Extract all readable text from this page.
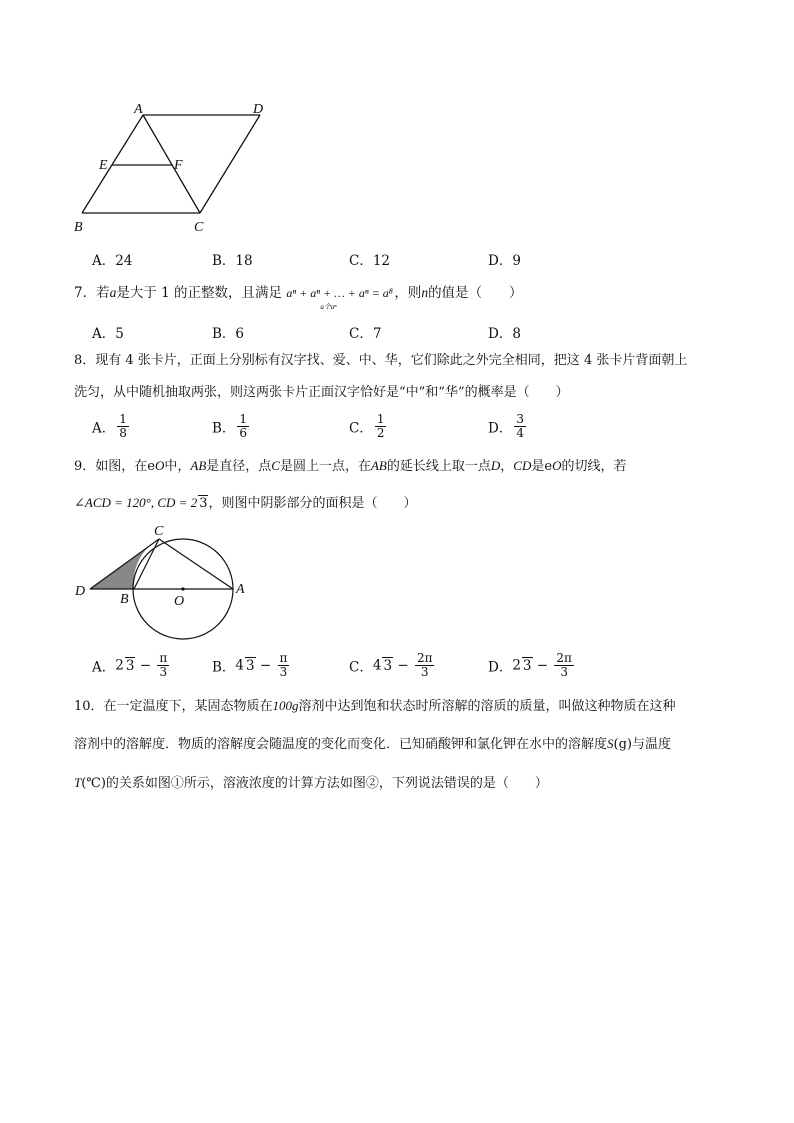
A	D
E	F
B	C
A．24	B．18	C．12	D．9
7．若a是大于 1 的正整数，且满足 aⁿ + aⁿ + … + aⁿ = a⁸
a个aⁿ
，则n的值是（　　）
A．5	B．6	C．7	D．8
8．现有 4 张卡片，正面上分别标有汉字找、爱、中、华，它们除此之外完全相同，把这 4 张卡片背面朝上
洗匀，从中随机抽取两张，则这两张卡片正面汉字恰好是“中”和“华”的概率是（　　）
A． $\frac{1}{8}$	B． $\frac{1}{6}$	C． $\frac{1}{2}$	D． $\frac{3}{4}$
9．如图，在eO中，AB是直径，点C是圆上一点，在AB的延长线上取一点D，CD是eO的切线，若
∠ACD = 120°, CD = 2 3，则图中阴影部分的面积是（　　）
C
D
B	O
A
A．2 $3 - \frac{\pi}{3}$	B．4 $3 - \frac{\pi}{3}$	C．4 $3 - \frac{2\pi}{3}$	D．2 $3 - \frac{2\pi}{3}$
10．在一定温度下，某固态物质在100g溶剂中达到饱和状态时所溶解的溶质的质量，叫做这种物质在这种
溶剂中的溶解度．物质的溶解度会随温度的变化而变化．已知硝酸钾和氯化钾在水中的溶解度S(g)与温度
T(℃)的关系如图①所示，溶液浓度的计算方法如图②，下列说法错误的是（　　）
